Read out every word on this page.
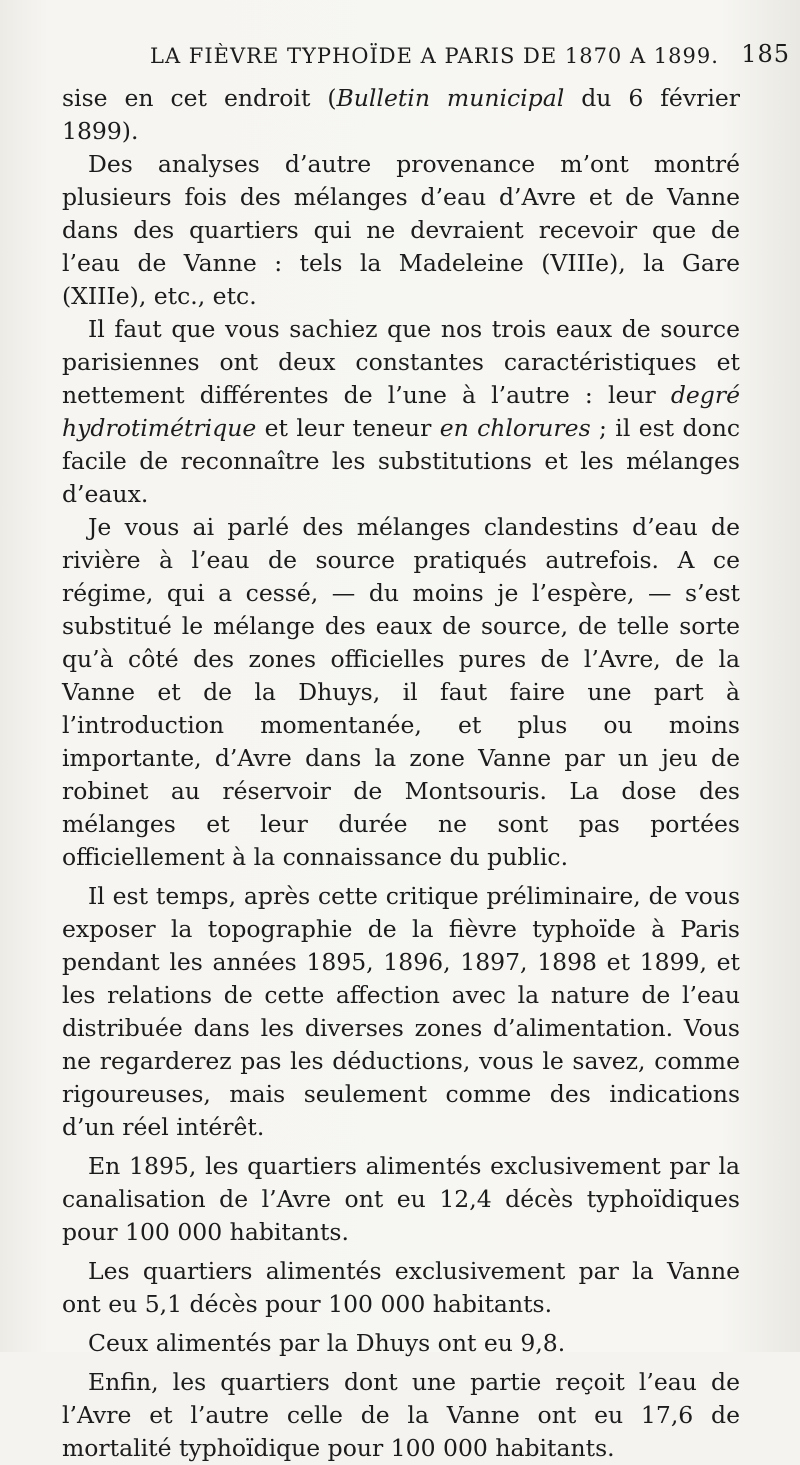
LA FIÈVRE TYPHOÏDE A PARIS DE 1870 A 1899. 185

sise en cet endroit (Bulletin municipal du 6 février 1899).

Des analyses d’autre provenance m’ont montré plusieurs fois des mélanges d’eau d’Avre et de Vanne dans des quartiers qui ne devraient recevoir que de l’eau de Vanne : tels la Madeleine (VIIIe), la Gare (XIIIe), etc., etc.

Il faut que vous sachiez que nos trois eaux de source parisiennes ont deux constantes caractéristiques et nettement différentes de l’une à l’autre : leur degré hydrotimétrique et leur teneur en chlorures ; il est donc facile de reconnaître les substitutions et les mélanges d’eaux.

Je vous ai parlé des mélanges clandestins d’eau de rivière à l’eau de source pratiqués autrefois. A ce régime, qui a cessé, — du moins je l’espère, — s’est substitué le mélange des eaux de source, de telle sorte qu’à côté des zones officielles pures de l’Avre, de la Vanne et de la Dhuys, il faut faire une part à l’introduction momentanée, et plus ou moins importante, d’Avre dans la zone Vanne par un jeu de robinet au réservoir de Montsouris. La dose des mélanges et leur durée ne sont pas portées officiellement à la connaissance du public.

Il est temps, après cette critique préliminaire, de vous exposer la topographie de la fièvre typhoïde à Paris pendant les années 1895, 1896, 1897, 1898 et 1899, et les relations de cette affection avec la nature de l’eau distribuée dans les diverses zones d’alimentation. Vous ne regarderez pas les déductions, vous le savez, comme rigoureuses, mais seulement comme des indications d’un réel intérêt.

En 1895, les quartiers alimentés exclusivement par la canalisation de l’Avre ont eu 12,4 décès typhoïdiques pour 100 000 habitants.

Les quartiers alimentés exclusivement par la Vanne ont eu 5,1 décès pour 100 000 habitants.

Ceux alimentés par la Dhuys ont eu 9,8.

Enfin, les quartiers dont une partie reçoit l’eau de l’Avre et l’autre celle de la Vanne ont eu 17,6 de mortalité typhoïdique pour 100 000 habitants.
